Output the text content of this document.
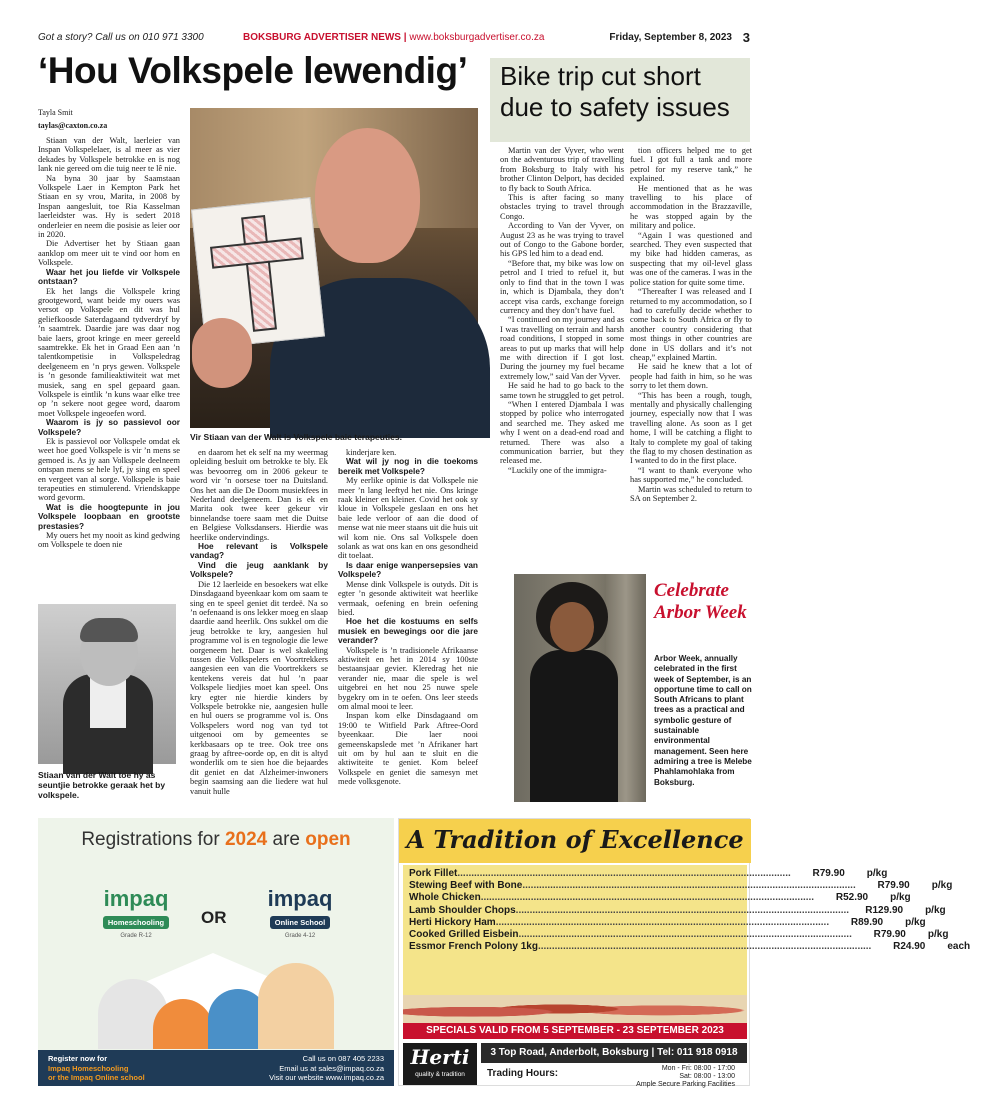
Got a story? Call us on 010 971 3300	BOKSBURG ADVERTISER NEWS | www.boksburgadvertiser.co.za	Friday, September 8, 2023 3
‘Hou Volkspele lewendig’
Tayla Smit
taylas@caxton.co.za

Stiaan van der Walt, laerleier van Inspan Volkspelelaer, is al meer as vier dekades by Volkspele betrokke en is nog lank nie gereed om die tuig neer te lê nie.

Na byna 30 jaar by Saamstaan Volkspele Laer in Kempton Park het Stiaan en sy vrou, Marita, in 2008 by Inspan aangesluit, toe Ria Kasselman laerleidster was. Hy is sedert 2018 onderleier en neem die posisie as leier oor in 2020.

Die Advertiser het by Stiaan gaan aanklop om meer uit te vind oor hom en Volkspele.

Waar het jou liefde vir Volkspele ontstaan?

Ek het langs die Volkspele kring grootgeword, want beide my ouers was versot op Volkspele en dit was hul geliefkoosde Saterdagaand tydverdryf by ’n saamtrek. Daardie jare was daar nog baie laers, groot kringe en meer gereeld saamtrekke. Ek het in Graad Een aan ’n talentkompetisie in Volkspeledrag deelgeneem en ’n prys gewen. Volkspele is ’n gesonde familieaktiwiteit wat met musiek, sang en spel gepaard gaan. Volkspele is eintlik ’n kuns waar elke tree op ’n sekere noot gegee word, daarom moet Volkspele ingeoefen word.

Waarom is jy so passievol oor Volkspele?

Ek is passievol oor Volkspele omdat ek weet hoe goed Volkspele is vir ’n mens se gemoed is. As jy aan Volkspele deelneem ontspan mens se hele lyf, jy sing en speel en vergeet van al sorge. Volkspele is baie terapeuties en stimulerend. Vriendskappe word gevorm.

Wat is die hoogtepunte in jou Volkspele loopbaan en grootste prestasies?

My ouers het my nooit as kind gedwing om Volkspele te doen nie

Vir Stiaan van der Walt is Volkspele baie terapeuties.
Stiaan van der Walt toe hy as seuntjie betrokke geraak het by volkspele.

en daarom het ek self na my weermag opleiding besluit om betrokke te bly. Ek was bevoorreg om in 2006 gekeur te word vir ’n oorsese toer na Duitsland. Ons het aan die De Doorn musiekfees in Nederland deelgeneem. Dan is ek en Marita ook twee keer gekeur vir binnelandse toere saam met die Duitse en Belgiese Volksdansers. Hierdie was heerlike ondervindings.

Hoe relevant is Volkspele vandag?

Vind die jeug aanklank by Volkspele?

Die 12 laerleide en besoekers wat elke Dinsdagaand byeenkaar kom om saam te sing en te speel geniet dit terdeë. Na so ’n oefenaand is ons lekker moeg en slaap daardie aand heerlik. Ons sukkel om die jeug betrokke te kry, aangesien hul programme vol is en tegnologie die lewe oorgeneem het. Daar is wel skakeling tussen die Volkspelers en Voortrekkers aangesien een van die Voortrekkers se kentekens vereis dat hul ’n paar Volkspele liedjies moet kan speel. Ons kry egter nie hierdie kinders by Volkspele betrokke nie, aangesien hulle en hul ouers se programme vol is. Ons Volkspelers word nog van tyd tot uitgenooi om by gemeentes se kerkbasaars op te tree. Ook tree ons graag by aftree-oorde op, en dit is altyd wonderlik om te sien hoe die bejaardes dit geniet en dat Alzheimer-inwoners begin saamsing aan die liedere wat hul vanuit hulle

kinderjare ken.

Wat wil jy nog in die toekoms bereik met Volkspele?

My eerlike opinie is dat Volkspele nie meer ’n lang leeftyd het nie. Ons kringe raak kleiner en kleiner. Covid het ook sy kloue in Volkspele geslaan en ons het baie lede verloor of aan die dood of mense wat nie meer staans uit die huis uit wil kom nie. Ons sal Volkspele doen solank as wat ons kan en ons gesondheid dit toelaat.

Is daar enige wanpersepsies van Volkspele?

Mense dink Volkspele is outyds. Dit is egter ’n gesonde aktiwiteit wat heerlike vermaak, oefening en brein oefening bied.

Hoe het die kostuums en selfs musiek en bewegings oor die jare verander?

Volkspele is ’n tradisionele Afrikaanse aktiwiteit en het in 2014 sy 100ste bestaansjaar gevier. Kleredrag het nie verander nie, maar die spele is wel uitgebrei en het nou 25 nuwe spele bygekry om in te oefen. Ons leer steeds om almal mooi te leer.

Inspan kom elke Dinsdagaand om 19:00 te Witfield Park Aftree-Oord byeenkaar. Die laer nooi gemeenskapslede met ’n Afrikaner hart uit om by hul aan te sluit en die aktiwiteite te geniet. Kom beleef Volkspele en geniet die samesyn met mede volksgenote.

Bike trip cut short due to safety issues

Martin van der Vyver, who went on the adventurous trip of travelling from Boksburg to Italy with his brother Clinton Delport, has decided to fly back to South Africa.

This is after facing so many obstacles trying to travel through Congo.

According to Van der Vyver, on August 23 as he was trying to travel out of Congo to the Gabone border, his GPS led him to a dead end.

“Before that, my bike was low on petrol and I tried to refuel it, but only to find that in the town I was in, which is Djambala, they don’t accept visa cards, exchange foreign currency and they don’t have fuel.

“I continued on my journey and as I was travelling on terrain and harsh road conditions, I stopped in some areas to put up marks that will help me with direction if I got lost. During the journey my fuel became extremely low,” said Van der Vyver.

He said he had to go back to the same town he struggled to get petrol.

“When I entered Djambala I was stopped by police who interrogated and searched me. They asked me why I went on a dead-end road and returned. There was also a communication barrier, but they released me.

“Luckily one of the immigra-

tion officers helped me to get fuel. I got full a tank and more petrol for my reserve tank,” he explained.

He mentioned that as he was travelling to his place of accommodation in the Brazzaville, he was stopped again by the military and police.

“Again I was questioned and searched. They even suspected that my bike had hidden cameras, as suspecting that my oil-level glass was one of the cameras. I was in the police station for quite some time.

“Thereafter I was released and I returned to my accommodation, so I had to carefully decide whether to come back to South Africa or fly to another country considering that most things in other countries are done in US dollars and it’s not cheap,” explained Martin.

He said he knew that a lot of people had faith in him, so he was sorry to let them down.

“This has been a rough, tough, mentally and physically challenging journey, especially now that I was travelling alone. As soon as I get home, I will be catching a flight to Italy to complete my goal of taking the flag to my chosen destination as I wanted to do in the first place.

“I want to thank everyone who has supported me,” he concluded.

Martin was scheduled to return to SA on September 2.

Celebrate Arbor Week
Arbor Week, annually celebrated in the first week of September, is an opportune time to call on South Africans to plant trees as a practical and symbolic gesture of sustainable environmental management. Seen here admiring a tree is Melebe Phahlamohlaka from Boksburg.
Registrations for 2024 are open
impaq
Homeschooling
Grade R-12
OR
impaq
Online School
Grade 4-12
Register now for
Impaq Homeschooling
or the Impaq Online school
Call us on 087 405 2233
Email us at sales@impaq.co.za
Visit our website www.impaq.co.za
A Tradition of Excellence
Pork Fillet ........................................................................................................................	R79.90	p/kg
Stewing Beef with Bone ........................................................................................................................	R79.90	p/kg
Whole Chicken ........................................................................................................................	R52.90	p/kg
Lamb Shoulder Chops ........................................................................................................................	R129.90	p/kg
Herti Hickory Ham ........................................................................................................................	R89.90	p/kg
Cooked Grilled Eisbein ........................................................................................................................	R79.90	p/kg
Essmor French Polony 1kg ........................................................................................................................	R24.90	each
SPECIALS VALID FROM 5 SEPTEMBER - 23 SEPTEMBER 2023
Herti
quality & tradition
3 Top Road, Anderbolt, Boksburg | Tel: 011 918 0918
Trading Hours:	Mon - Fri: 08:00 - 17:00
Sat: 08:00 - 13:00
Ample Secure Parking Facilities
